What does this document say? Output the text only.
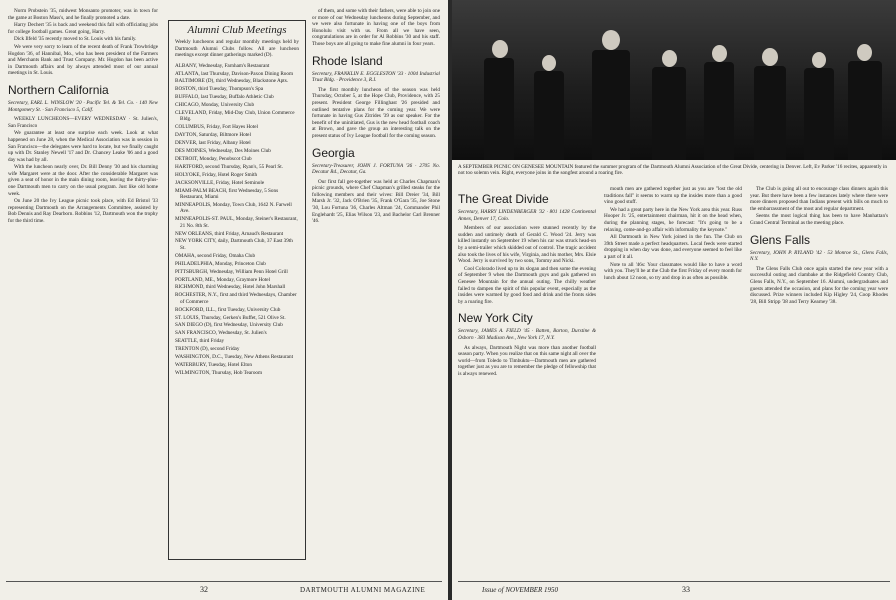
Norm Probstein '35, midwest Monsanto promoter, was in town for the game at Boston Mass's, and he finally promoted a date.

Harry Dechert '35 is back and weekend this fall with officiating jobs for college football games. Great going, Harry.

Dick Ilfeld '35 recently moved to St. Louis with his family.

We were very sorry to learn of the recent death of Frank Trowbridge Hogdon '36, of Hannibal, Mo., who has been president of the Farmers and Merchants Bank and Trust Company. Mr. Hogdon has been active in Dartmouth affairs and by always attended most of our annual meetings in St. Louis.

Northern California
Secretary, EARL L. WINSLOW '20 · Pacific Tel. & Tel. Co. · 140 New Montgomery St. · San Francisco 5, Calif.

WEEKLY LUNCHEONS—EVERY WEDNESDAY · St. Julien's, San Francisco

We guarantee at least one surprise each week. Look at what happened on June 28, when the Medical Association was in session in San Francisco—the delegates were hard to locate, but we finally caught up with Dr. Stanley Newell '17 and Dr. Chancey Leake '06 and a good day was had by all.

With the luncheon nearly over, Dr. Bill Denny '30 and his charming wife Margaret were at the door. After the considerable Margaret was given a seat of honor in the main dining room, leaving the thirty-plus-one Dartmouth men to carry on the usual program. Just like old home week.

On June 20 the Ivy League picnic took place, with Ed Bristol '33 representing Dartmouth on the Arrangements Committee, assisted by Bob Dennis and Ray Dearborn. Robbins '12, Dartmouth won the trophy for the third time.

Alumni Club Meetings

Weekly luncheons and regular monthly meetings held by Dartmouth Alumni Clubs follow. All are luncheon meetings except dinner gatherings marked (D).

ALBANY, Wednesday, Farnham's Restaurant
ATLANTA, last Thursday, Davison-Paxon Dining Room
BALTIMORE (D), third Wednesday, Blackstone Apts.
BOSTON, third Tuesday, Thompson's Spa
BUFFALO, last Tuesday, Buffalo Athletic Club
CHICAGO, Monday, University Club
CLEVELAND, Friday, Mid-Day Club, Union Commerce Bldg.
COLUMBUS, Friday, Fort Hayes Hotel
DAYTON, Saturday, Biltmore Hotel
DENVER, last Friday, Albany Hotel
DES MOINES, Wednesday, Des Moines Club
DETROIT, Monday, Penobscot Club
HARTFORD, second Thursday, Ryan's, 55 Pearl St.
HOLYOKE, Friday, Hotel Roger Smith
JACKSONVILLE, Friday, Hotel Seminole
MIAMI-PALM BEACH, first Wednesday, 5 Sons Restaurant, Miami
MINNEAPOLIS, Monday, Town Club, 1642 N. Farwell Ave.
MINNEAPOLIS-ST. PAUL, Monday, Steiner's Restaurant, 21 No. 8th St.
NEW ORLEANS, third Friday, Arnaud's Restaurant
NEW YORK CITY, daily, Dartmouth Club, 37 East 39th St.
OMAHA, second Friday, Omaha Club
PHILADELPHIA, Monday, Princeton Club
PITTSBURGH, Wednesday, William Penn Hotel Grill
PORTLAND, ME., Monday, Graymore Hotel
RICHMOND, third Wednesday, Hotel John Marshall
ROCHESTER, N.Y., first and third Wednesdays, Chamber of Commerce
ROCKFORD, ILL., first Tuesday, University Club
ST. LOUIS, Thursday, Gerken's Buffet, 521 Olive St.
SAN DIEGO (D), first Wednesday, University Club
SAN FRANCISCO, Wednesday, St. Julien's
SEATTLE, third Friday
TRENTON (D), second Friday
WASHINGTON, D.C., Tuesday, New Athens Restaurant
WATERBURY, Tuesday, Hotel Elton
WILMINGTON, Thursday, Hob Tearoom

of them, and some with their fathers, were able to join one or more of our Wednesday luncheons during September, and we were also fortunate in having one of the boys from Honolulu visit with us. From all we have seen, congratulations are in order for Al Robbins '30 and his staff. Those boys are all going to make fine alumni in four years.

Rhode Island
Secretary, FRANKLIN E. EGGLESTON '33 · 1004 Industrial Trust Bldg. · Providence 3, R.I.

The first monthly luncheon of the season was held Thursday, October 5, at the Hope Club, Providence, with 25 present. President George Fillinghast '26 presided and outlined tentative plans for the coming year. We were fortunate in having Gus Zitrides '39 as our speaker. For the benefit of the uninitiated, Gus is the new head football coach at Brown, and gave the group an interesting talk on the present status of Ivy League football for the coming season.

Georgia
Secretary-Treasurer, JOHN J. FORTUNA '36 · 2705 No. Decatur Rd., Decatur, Ga.

Our first fall get-together was held at Charles Chapman's picnic grounds, where Chef Chapman's grilled steaks for the following members and their wives: Bill Dreier '34, Bill Marsh Jr. '32, Jack O'Brien '35, Frank O'Gara '35, Joe Stone '30, Lou Fortuna '36, Charles Altman '24, Commander Phil Englehardt '25, Elias Wilson '23, and Bachelor Carl Brenner '46.

32	DARTMOUTH ALUMNI MAGAZINE
A SEPTEMBER PICNIC ON GENESEE MOUNTAIN featured the summer program of the Dartmouth Alumni Association of the Great Divide, centering in Denver. Left, Ev Parker '16 recites, apparently in not too solemn vein. Right, everyone joins in the songfest around a roaring fire.
The Great Divide
Secretary, HARRY LINDENBERGER '32 · 801 1428 Continental Annex, Denver 17, Colo.

Members of our association were stunned recently by the sudden and untimely death of Gerald C. Wood '24. Jerry was killed instantly on September 19 when his car was struck head-on by a semi-trailer which skidded out of control. The tragic accident also took the lives of his wife, Virginia, and his mother, Mrs. Elsie Wood. Jerry is survived by two sons, Tommy and Nicki.

Cool Colorado lived up to its slogan and then some the evening of September 9 when the Dartmouth guys and gals gathered on Genesee Mountain for the annual outing. The chilly weather failed to dampen the spirit of this popular event, especially as the insides were warmed by good food and drink and the fronts sides by a roaring fire.

New York City
Secretary, JAMES A. FIELD '45 · Batten, Barton, Durstine & Osborn · 383 Madison Ave., New York 17, N.Y.

As always, Dartmouth Night was more than another football season party. When you realize that on this same night all over the world—from Toledo to Timbuktu—Dartmouth men are gathered together just as you are to remember the pledge of fellowship that is always renewed.

mouth men are gathered together just as you are "lost the old traditions fall" it seems to warm up the insides more than a good vino good stuff.

We had a great party here in the New York area this year. Russ Hooper Jr. '25, entertainment chairman, hit it on the head when, during the planning stages, he forecast: "It's going to be a relaxing, come-and-go affair with informality the keynote."

All Dartmouth in New York joined in the fun. The Club on 39th Street made a perfect headquarters. Local feeds were started dropping in when day was done, and everyone seemed to feel like a part of it all.

Note to all '46s: Your classmates would like to have a word with you. They'll be at the Club the first Friday of every month for lunch about 12 noon, so try and drop in as often as possible.

The Club is going all out to encourage class dinners again this year. But there have been a few instances lately where there were more dinners proposed than Indians present with bills on much to the embarrassment of the most and regular department.

Seems the most logical thing has been to have Manhattan's Grand Central Terminal as the meeting place.

Glens Falls
Secretary, JOHN P. RYLAND '42 · 53 Monroe St., Glens Falls, N.Y.

The Glens Falls Club once again started the new year with a successful outing and clambake at the Ridgefield Country Club, Glens Falls, N.Y., on September 16. Alumni, undergraduates and guests attended the occasion, and plans for the coming year were discussed. Prize winners included Kip Higley '24, Coop Rhodes '28, Bill Stripp '38 and Terry Kearney '38.

Issue of NOVEMBER 1950	33
